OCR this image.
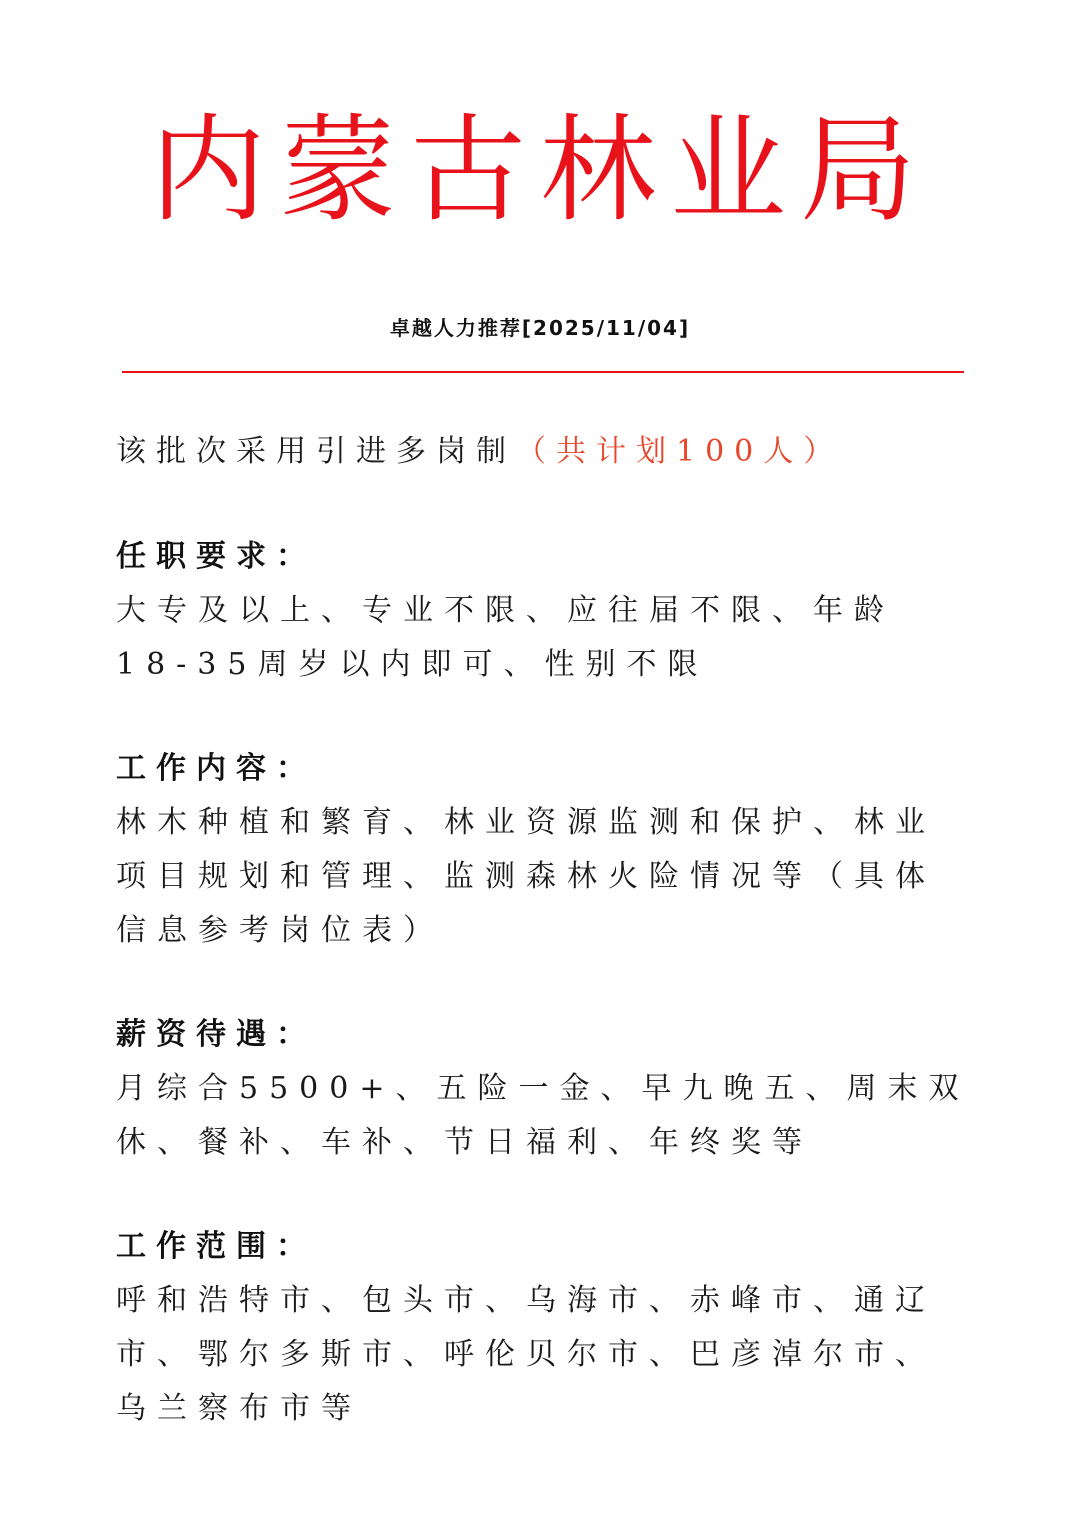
内蒙古林业局
卓越人力推荐[2025/11/04]

该批次采用引进多岗制（共计划100人）

任职要求：

大专及以上、专业不限、应往届不限、年龄18-35周岁以内即可、性别不限

工作内容：

林木种植和繁育、林业资源监测和保护、林业项目规划和管理、监测森林火险情况等（具体信息参考岗位表）

薪资待遇：

月综合5500+、五险一金、早九晚五、周末双休、餐补、车补、节日福利、年终奖等

工作范围：

呼和浩特市、包头市、乌海市、赤峰市、通辽市、鄂尔多斯市、呼伦贝尔市、巴彦淖尔市、乌兰察布市等
